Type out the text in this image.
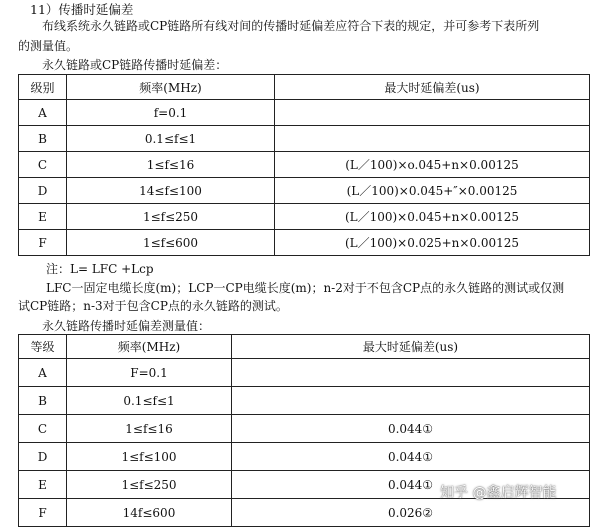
11）传播时延偏差
布线系统永久链路或CP链路所有线对间的传播时延偏差应符合下表的规定，并可参考下表所列
的测量值。
永久链路或CP链路传播时延偏差：
级别	频率(MHz)	最大时延偏差(us)
A	f=0.1	
B	0.1≤f≤1	
C	1≤f≤16	(L／100)×o.045+n×0.00125
D	14≤f≤100	(L／100)×0.045+″×0.00125
E	1≤f≤250	(L／100)×0.045+n×0.00125
F	1≤f≤600	(L／100)×0.025+n×0.00125
注：L= LFC +Lcp
LFC一固定电缆长度(m)；LCP一CP电缆长度(m)；n-2对于不包含CP点的永久链路的测试或仅测
试CP链路；n-3对于包含CP点的永久链路的测试。
永久链路传播时延偏差测量值：
等级	频率(MHz)	最大时延偏差(us)
A	F=0.1	
B	0.1≤f≤1	
C	1≤f≤16	0.044①
D	1≤f≤100	0.044①
E	1≤f≤250	0.044①
F	14f≤600	0.026②
知乎 @鑫启辉智能
